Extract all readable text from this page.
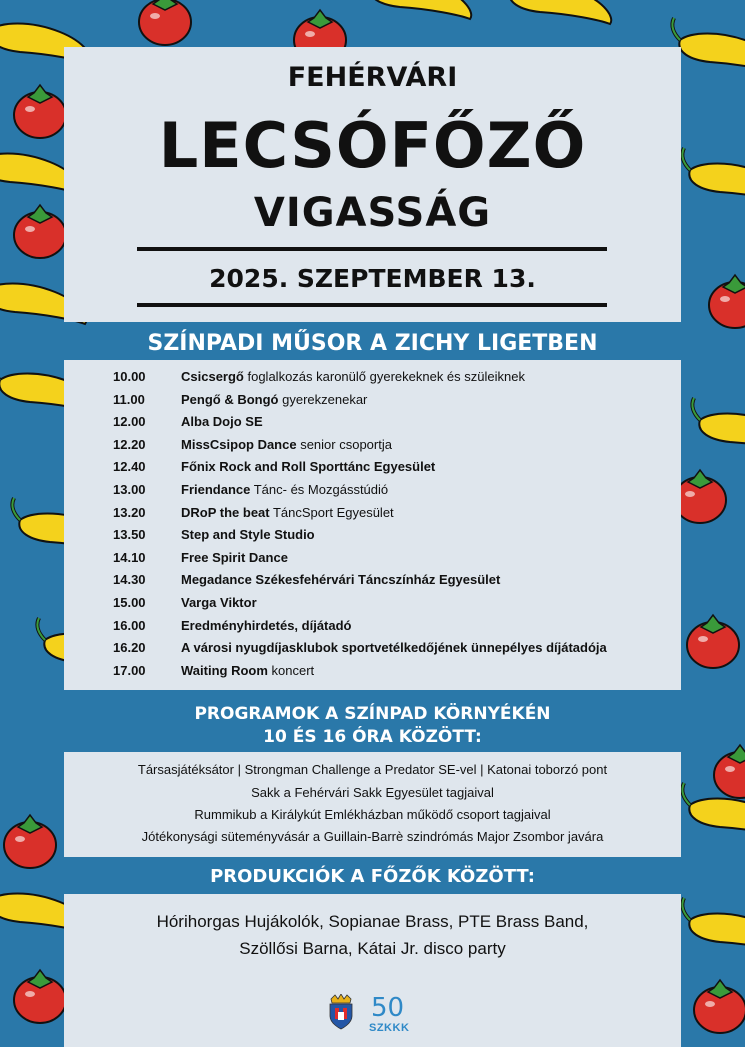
FEHÉRVÁRI
LECSÓFŐZŐ
VIGASSÁG
2025. SZEPTEMBER 13.
SZÍNPADI MŰSOR A ZICHY LIGETBEN
10.00	Csicsergő foglalkozás karonülő gyerekeknek és szüleiknek
11.00	Pengő & Bongó gyerekzenekar
12.00	Alba Dojo SE
12.20	MissCsipop Dance senior csoportja
12.40	Főnix Rock and Roll Sporttánc Egyesület
13.00	Friendance Tánc- és Mozgásstúdió
13.20	DRoP the beat TáncSport Egyesület
13.50	Step and Style Studio
14.10	Free Spirit Dance
14.30	Megadance Székesfehérvári Táncszínház Egyesület
15.00	Varga Viktor
16.00	Eredményhirdetés, díjátadó
16.20	A városi nyugdíjasklubok sportvetélkedőjének ünnepélyes díjátadója
17.00	Waiting Room koncert
PROGRAMOK A SZÍNPAD KÖRNYÉKÉN
10 ÉS 16 ÓRA KÖZÖTT:
Társasjátéksátor | Strongman Challenge a Predator SE-vel | Katonai toborzó pont
Sakk a Fehérvári Sakk Egyesület tagjaival
Rummikub a Királykút Emlékházban működő csoport tagjaival
Jótékonysági süteményvásár a Guillain-Barrè szindrómás Major Zsombor javára
PRODUKCIÓK A FŐZŐK KÖZÖTT:
Hórihorgas Hujákolók, Sopianae Brass, PTE Brass Band,
Szöllősi Barna, Kátai Jr. disco party
50
SZKKK
